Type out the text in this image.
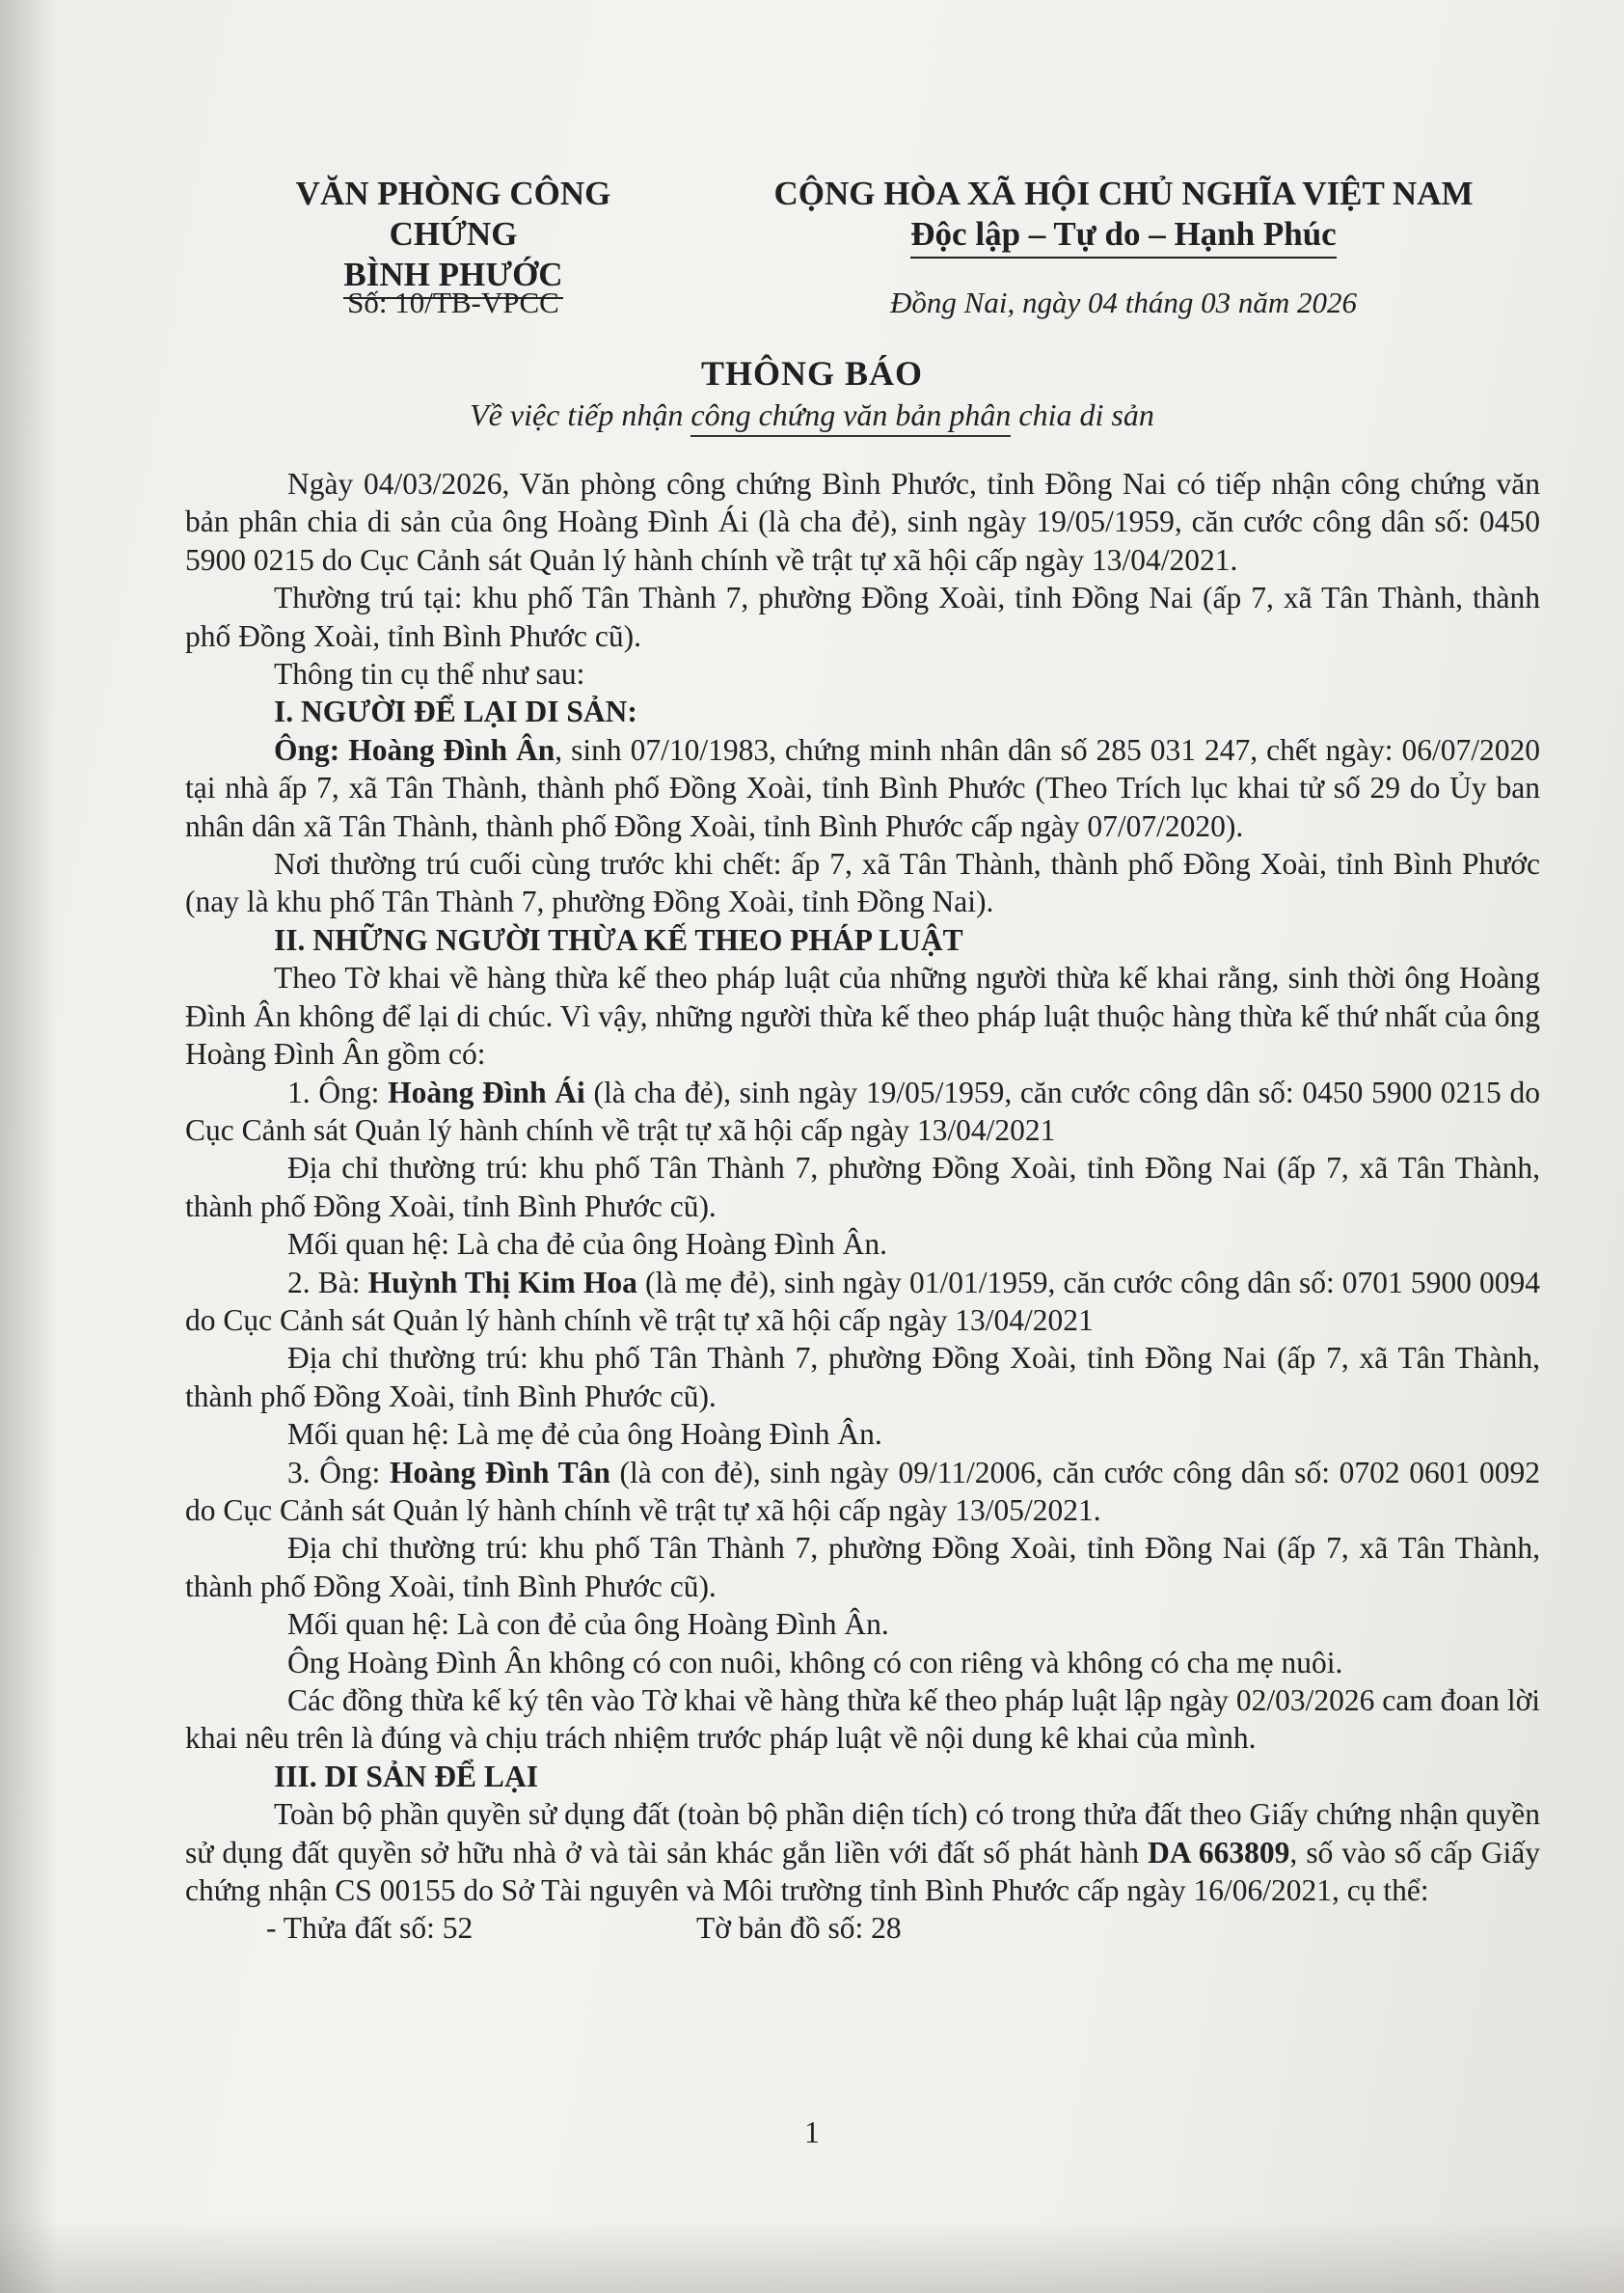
VĂN PHÒNG CÔNG CHỨNG
BÌNH PHƯỚC
CỘNG HÒA XÃ HỘI CHỦ NGHĨA VIỆT NAM
Độc lập – Tự do – Hạnh Phúc
Số: 10/TB-VPCC	Đồng Nai, ngày 04 tháng 03 năm 2026
THÔNG BÁO
Về việc tiếp nhận công chứng văn bản phân chia di sản

Ngày 04/03/2026, Văn phòng công chứng Bình Phước, tỉnh Đồng Nai có tiếp nhận công chứng văn bản phân chia di sản của ông Hoàng Đình Ái (là cha đẻ), sinh ngày 19/05/1959, căn cước công dân số: 0450 5900 0215 do Cục Cảnh sát Quản lý hành chính về trật tự xã hội cấp ngày 13/04/2021.

Thường trú tại: khu phố Tân Thành 7, phường Đồng Xoài, tỉnh Đồng Nai (ấp 7, xã Tân Thành, thành phố Đồng Xoài, tỉnh Bình Phước cũ).

Thông tin cụ thể như sau:

I. NGƯỜI ĐỂ LẠI DI SẢN:

Ông: Hoàng Đình Ân, sinh 07/10/1983, chứng minh nhân dân số 285 031 247, chết ngày: 06/07/2020 tại nhà ấp 7, xã Tân Thành, thành phố Đồng Xoài, tỉnh Bình Phước (Theo Trích lục khai tử số 29 do Ủy ban nhân dân xã Tân Thành, thành phố Đồng Xoài, tỉnh Bình Phước cấp ngày 07/07/2020).

Nơi thường trú cuối cùng trước khi chết: ấp 7, xã Tân Thành, thành phố Đồng Xoài, tỉnh Bình Phước (nay là khu phố Tân Thành 7, phường Đồng Xoài, tỉnh Đồng Nai).

II. NHỮNG NGƯỜI THỪA KẾ THEO PHÁP LUẬT

Theo Tờ khai về hàng thừa kế theo pháp luật của những người thừa kế khai rằng, sinh thời ông Hoàng Đình Ân không để lại di chúc. Vì vậy, những người thừa kế theo pháp luật thuộc hàng thừa kế thứ nhất của ông Hoàng Đình Ân gồm có:

1. Ông: Hoàng Đình Ái (là cha đẻ), sinh ngày 19/05/1959, căn cước công dân số: 0450 5900 0215 do Cục Cảnh sát Quản lý hành chính về trật tự xã hội cấp ngày 13/04/2021

Địa chỉ thường trú: khu phố Tân Thành 7, phường Đồng Xoài, tỉnh Đồng Nai (ấp 7, xã Tân Thành, thành phố Đồng Xoài, tỉnh Bình Phước cũ).

Mối quan hệ: Là cha đẻ của ông Hoàng Đình Ân.

2. Bà: Huỳnh Thị Kim Hoa (là mẹ đẻ), sinh ngày 01/01/1959, căn cước công dân số: 0701 5900 0094 do Cục Cảnh sát Quản lý hành chính về trật tự xã hội cấp ngày 13/04/2021

Địa chỉ thường trú: khu phố Tân Thành 7, phường Đồng Xoài, tỉnh Đồng Nai (ấp 7, xã Tân Thành, thành phố Đồng Xoài, tỉnh Bình Phước cũ).

Mối quan hệ: Là mẹ đẻ của ông Hoàng Đình Ân.

3. Ông: Hoàng Đình Tân (là con đẻ), sinh ngày 09/11/2006, căn cước công dân số: 0702 0601 0092 do Cục Cảnh sát Quản lý hành chính về trật tự xã hội cấp ngày 13/05/2021.

Địa chỉ thường trú: khu phố Tân Thành 7, phường Đồng Xoài, tỉnh Đồng Nai (ấp 7, xã Tân Thành, thành phố Đồng Xoài, tỉnh Bình Phước cũ).

Mối quan hệ: Là con đẻ của ông Hoàng Đình Ân.

Ông Hoàng Đình Ân không có con nuôi, không có con riêng và không có cha mẹ nuôi.

Các đồng thừa kế ký tên vào Tờ khai về hàng thừa kế theo pháp luật lập ngày 02/03/2026 cam đoan lời khai nêu trên là đúng và chịu trách nhiệm trước pháp luật về nội dung kê khai của mình.

III. DI SẢN ĐỂ LẠI

Toàn bộ phần quyền sử dụng đất (toàn bộ phần diện tích) có trong thửa đất theo Giấy chứng nhận quyền sử dụng đất quyền sở hữu nhà ở và tài sản khác gắn liền với đất số phát hành DA 663809, số vào số cấp Giấy chứng nhận CS 00155 do Sở Tài nguyên và Môi trường tỉnh Bình Phước cấp ngày 16/06/2021, cụ thể:

- Thửa đất số: 52	Tờ bản đồ số: 28
1
